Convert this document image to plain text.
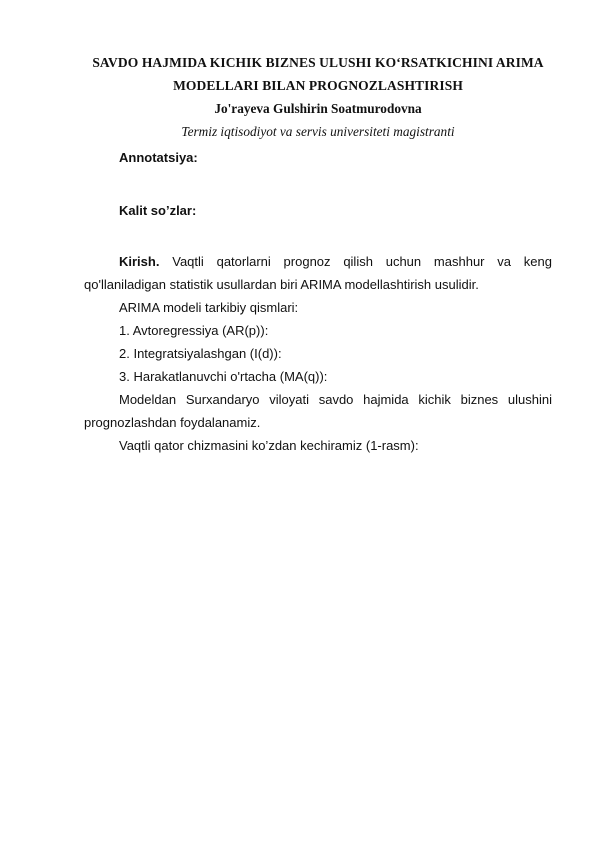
SAVDO HAJMIDA KICHIK BIZNES ULUSHI KO‘RSATKICHINI ARIMA
MODELLARI BILAN PROGNOZLASHTIRISH
Jo'rayeva Gulshirin Soatmurodovna
Termiz iqtisodiyot va servis universiteti magistranti
Annotatsiya:
Kalit so’zlar:
Kirish. Vaqtli qatorlarni prognoz qilish uchun mashhur va keng
qo'llaniladigan statistik usullardan biri ARIMA modellashtirish usulidir.
ARIMA modeli tarkibiy qismlari:
1. Avtoregressiya (AR(p)):
2. Integratsiyalashgan (I(d)):
3. Harakatlanuvchi o'rtacha (MA(q)):
Modeldan Surxandaryo viloyati savdo hajmida kichik biznes ulushini
prognozlashdan foydalanamiz.
Vaqtli qator chizmasini ko’zdan kechiramiz (1-rasm):
